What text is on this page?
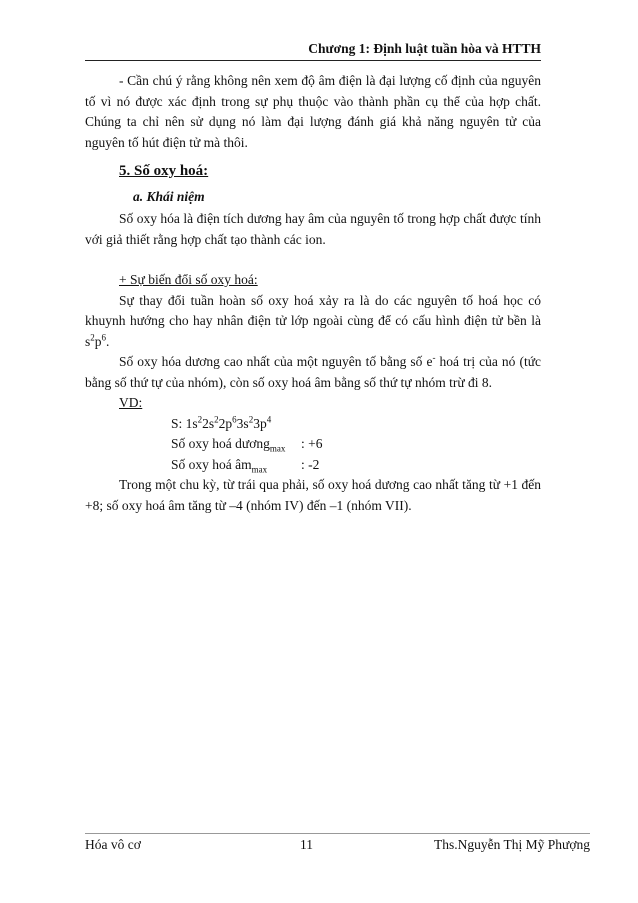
Chương 1: Định luật tuần hòa và HTTH

- Cần chú ý rằng không nên xem độ âm điện là đại lượng cố định của nguyên tố vì nó được xác định trong sự phụ thuộc vào thành phần cụ thể của hợp chất. Chúng ta chỉ nên sử dụng nó làm đại lượng đánh giá khả năng nguyên tử của nguyên tố hút điện tử mà thôi.

5. Số oxy hoá:
a. Khái niệm

Số oxy hóa là điện tích dương hay âm của nguyên tố trong hợp chất được tính với giả thiết rằng hợp chất tạo thành các ion.

+ Sự biến đổi số oxy hoá:

Sự thay đổi tuần hoàn số oxy hoá xảy ra là do các nguyên tố hoá học có khuynh hướng cho hay nhân điện tử lớp ngoài cùng để có cấu hình điện tử bền là $s^2p^6$.

Số oxy hóa dương cao nhất của một nguyên tố bằng số e- hoá trị của nó (tức bằng số thứ tự của nhóm), còn số oxy hoá âm bằng số thứ tự nhóm trừ đi 8.

VD:
S: $1s^22s^22p^63s^23p^4$
Số oxy hoá dương$_{max}$ : +6
Số oxy hoá $âm_{max}$	: -2

Trong một chu kỳ, từ trái qua phải, số oxy hoá dương cao nhất tăng từ +1 đến +8; số oxy hoá âm tăng từ –4 (nhóm IV) đến –1 (nhóm VII).

Hóa vô cơ	11	Ths.Nguyễn Thị Mỹ Phượng
